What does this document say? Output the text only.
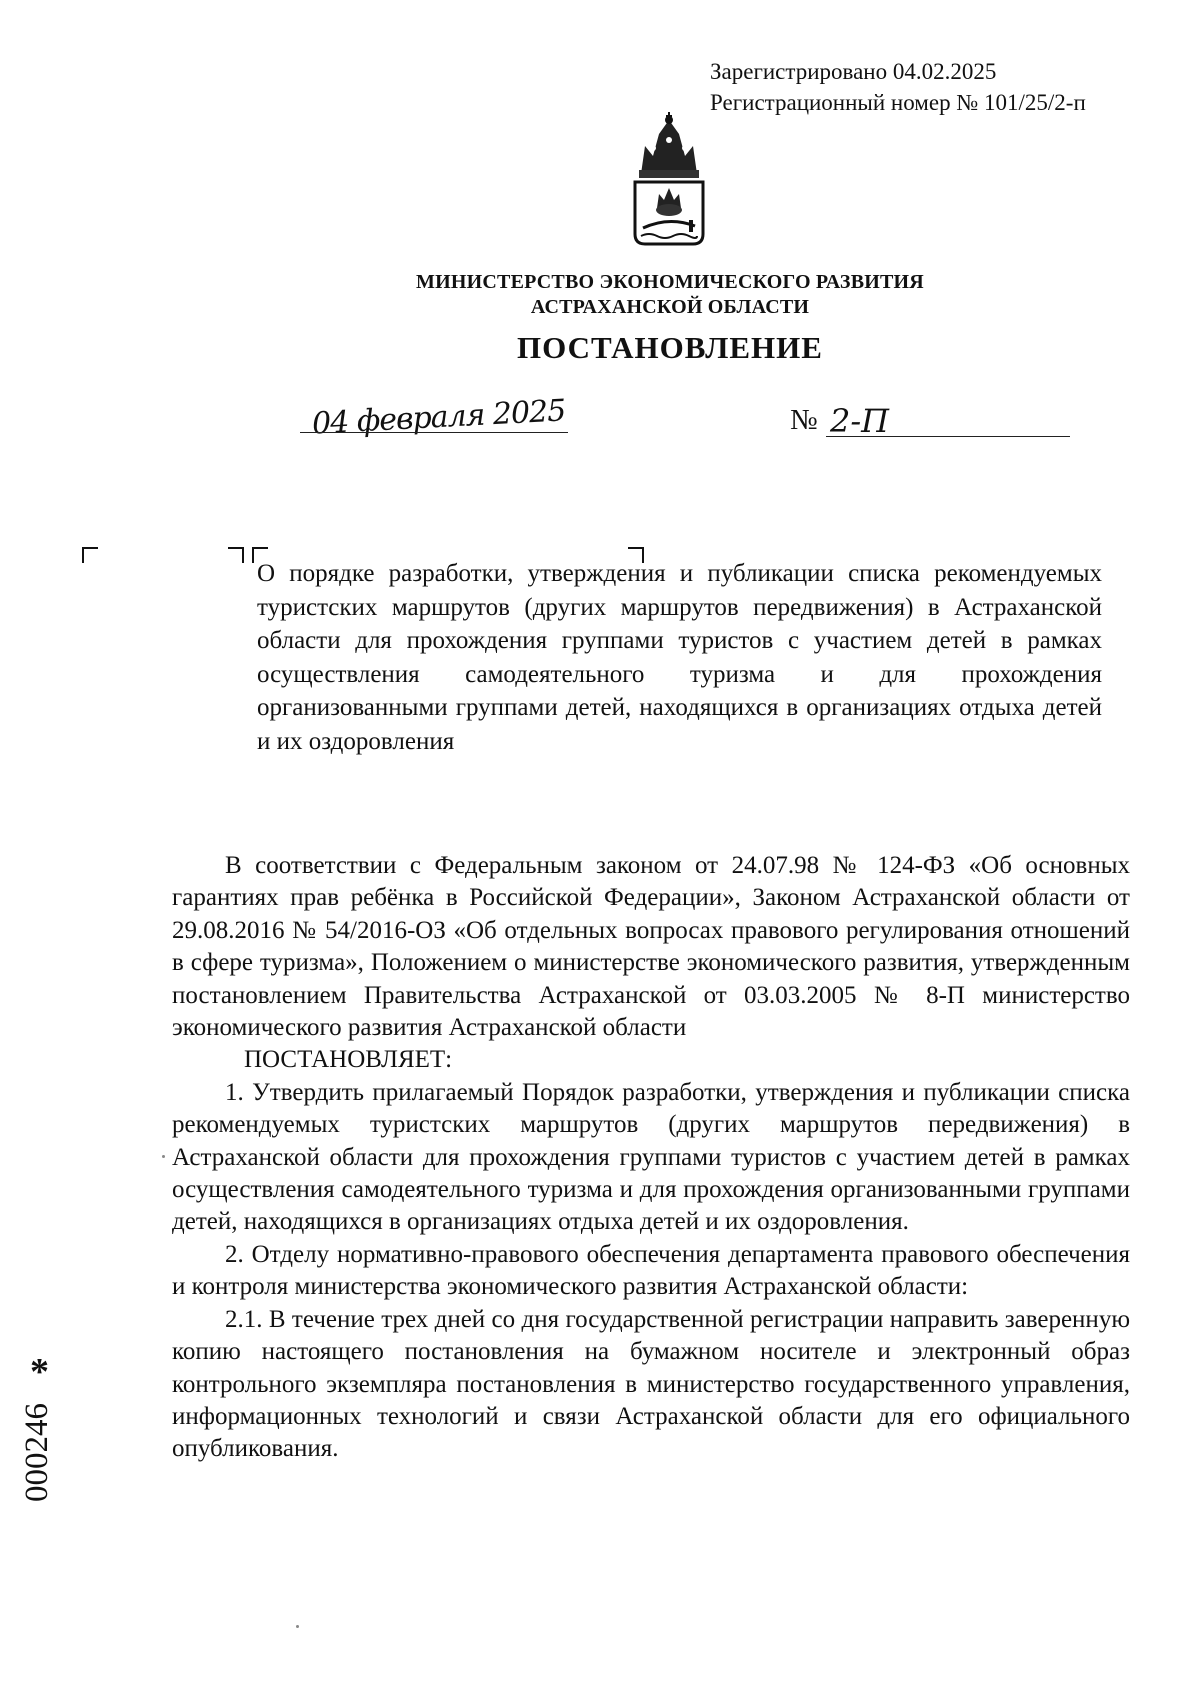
Зарегистрировано 04.02.2025
Регистрационный номер № 101/25/2-п
МИНИСТЕРСТВО ЭКОНОМИЧЕСКОГО РАЗВИТИЯ
АСТРАХАНСКОЙ ОБЛАСТИ
ПОСТАНОВЛЕНИЕ
04 февраля 2025	№ 2-П
О порядке разработки, утверждения и публикации списка рекомендуемых туристских маршрутов (других маршрутов передвижения) в Астраханской области для прохождения группами туристов с участием детей в рамках осуществления самодеятельного туризма и для прохождения организованными группами детей, находящихся в организациях отдыха детей и их оздоровления

В соответствии с Федеральным законом от 24.07.98 № 124-ФЗ «Об основных гарантиях прав ребёнка в Российской Федерации», Законом Астраханской области от 29.08.2016 № 54/2016-ОЗ «Об отдельных вопросах правового регулирования отношений в сфере туризма», Положением о министерстве экономического развития, утвержденным постановлением Правительства Астраханской от 03.03.2005 № 8-П министерство экономического развития Астраханской области

ПОСТАНОВЛЯЕТ:

1. Утвердить прилагаемый Порядок разработки, утверждения и публикации списка рекомендуемых туристских маршрутов (других маршрутов передвижения) в Астраханской области для прохождения группами туристов с участием детей в рамках осуществления самодеятельного туризма и для прохождения организованными группами детей, находящихся в организациях отдыха детей и их оздоровления.

2. Отделу нормативно-правового обеспечения департамента правового обеспечения и контроля министерства экономического развития Астраханской области:

2.1. В течение трех дней со дня государственной регистрации направить заверенную копию настоящего постановления на бумажном носителе и электронный образ контрольного экземпляра постановления в министерство государственного управления, информационных технологий и связи Астраханской области для его официального опубликования.

*
000246
